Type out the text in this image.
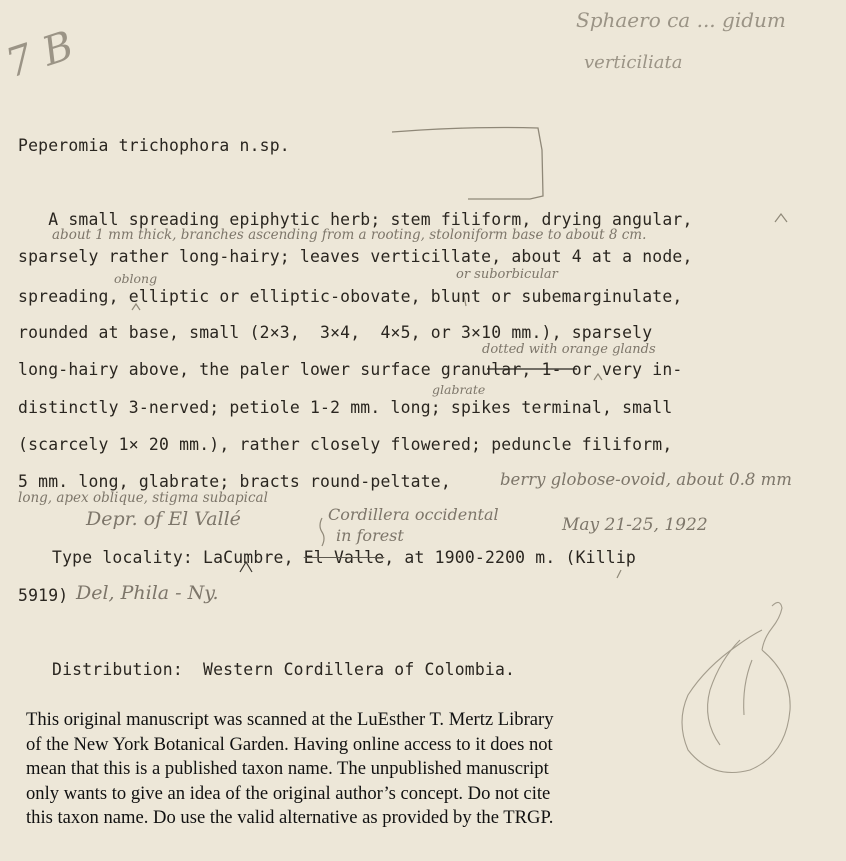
7 B
Sphaero ca ... gidum
verticiliata
Peperomia trichophora n.sp.
A small spreading epiphytic herb; stem filiform, drying angular,
sparsely rather long-hairy; leaves verticillate, about 4 at a node,
spreading, elliptic or elliptic-obovate, blunt or subemarginulate,
rounded at base, small (2×3,  3×4,  4×5, or 3×10 mm.), sparsely
long-hairy above, the paler lower surface granular, 1- or very in-
distinctly 3-nerved; petiole 1-2 mm. long; spikes terminal, small
(scarcely 1× 20 mm.), rather closely flowered; peduncle filiform,
5 mm. long, glabrate; bracts round-peltate,
about 1 mm thick, branches ascending from a rooting, stoloniform base to about 8 cm.
oblong	or suborbicular
dotted with orange glands
glabrate
berry globose-ovoid, about 0.8 mm
long, apex oblique, stigma subapical
Depr. of El Vallé	Cordillera occidental
in forest
May 21-25, 1922
Type locality: LaCumbre, El Valle, at 1900-2200 m. (Killip
5919) Del, Phila - Ny.
Distribution:  Western Cordillera of Colombia.
This original manuscript was scanned at the LuEsther T. Mertz Library
of the New York Botanical Garden. Having online access to it does not
mean that this is a published taxon name. The unpublished manuscript
only wants to give an idea of the original author’s concept. Do not cite
this taxon name. Do use the valid alternative as provided by the TRGP.
